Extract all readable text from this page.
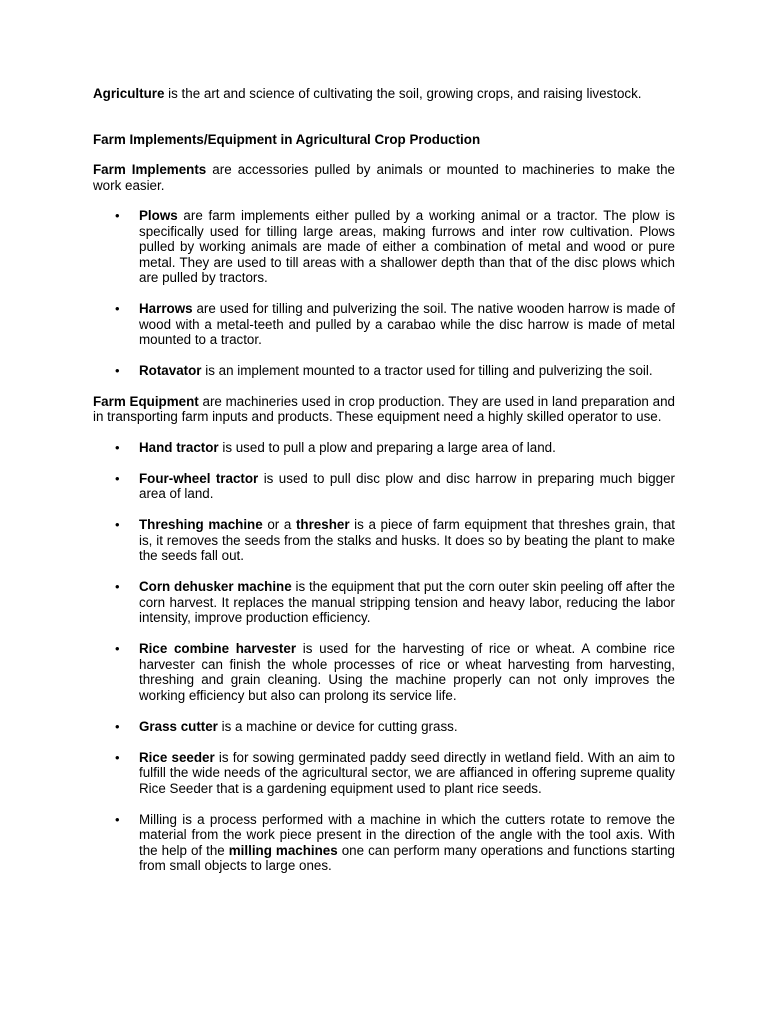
Agriculture is the art and science of cultivating the soil, growing crops, and raising livestock.

Farm Implements/Equipment in Agricultural Crop Production

Farm Implements are accessories pulled by animals or mounted to machineries to make the work easier.

• Plows are farm implements either pulled by a working animal or a tractor. The plow is specifically used for tilling large areas, making furrows and inter row cultivation. Plows pulled by working animals are made of either a combination of metal and wood or pure metal. They are used to till areas with a shallower depth than that of the disc plows which are pulled by tractors.
• Harrows are used for tilling and pulverizing the soil. The native wooden harrow is made of wood with a metal-teeth and pulled by a carabao while the disc harrow is made of metal mounted to a tractor.
• Rotavator is an implement mounted to a tractor used for tilling and pulverizing the soil.

Farm Equipment are machineries used in crop production. They are used in land preparation and in transporting farm inputs and products. These equipment need a highly skilled operator to use.

• Hand tractor is used to pull a plow and preparing a large area of land.
• Four-wheel tractor is used to pull disc plow and disc harrow in preparing much bigger area of land.
• Threshing machine or a thresher is a piece of farm equipment that threshes grain, that is, it removes the seeds from the stalks and husks. It does so by beating the plant to make the seeds fall out.
• Corn dehusker machine is the equipment that put the corn outer skin peeling off after the corn harvest. It replaces the manual stripping tension and heavy labor, reducing the labor intensity, improve production efficiency.
• Rice combine harvester is used for the harvesting of rice or wheat. A combine rice harvester can finish the whole processes of rice or wheat harvesting from harvesting, threshing and grain cleaning. Using the machine properly can not only improves the working efficiency but also can prolong its service life.
• Grass cutter is a machine or device for cutting grass.
• Rice seeder is for sowing germinated paddy seed directly in wetland field. With an aim to fulfill the wide needs of the agricultural sector, we are affianced in offering supreme quality Rice Seeder that is a gardening equipment used to plant rice seeds.
• Milling is a process performed with a machine in which the cutters rotate to remove the material from the work piece present in the direction of the angle with the tool axis. With the help of the milling machines one can perform many operations and functions starting from small objects to large ones.
